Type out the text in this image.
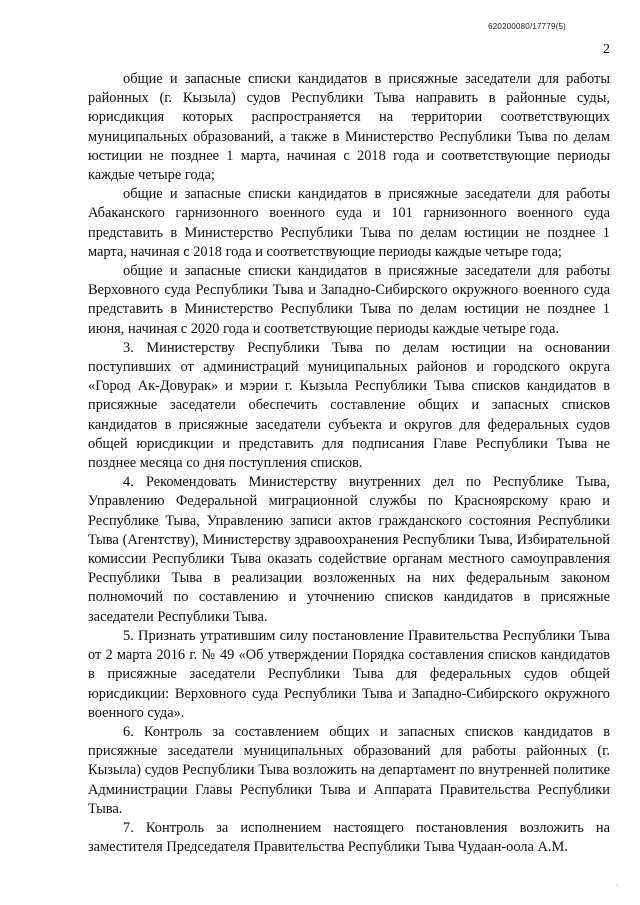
620200080/17779(5)
2

общие и запасные списки кандидатов в присяжные заседатели для работы районных (г. Кызыла) судов Республики Тыва направить в районные суды, юрисдикция которых распространяется на территории соответствующих муниципальных образований, а также в Министерство Республики Тыва по делам юстиции не позднее 1 марта, начиная с 2018 года и соответствующие периоды каждые четыре года;

общие и запасные списки кандидатов в присяжные заседатели для работы Абаканского гарнизонного военного суда и 101 гарнизонного военного суда представить в Министерство Республики Тыва по делам юстиции не позднее 1 марта, начиная с 2018 года и соответствующие периоды каждые четыре года;

общие и запасные списки кандидатов в присяжные заседатели для работы Верховного суда Республики Тыва и Западно-Сибирского окружного военного суда представить в Министерство Республики Тыва по делам юстиции не позднее 1 июня, начиная с 2020 года и соответствующие периоды каждые четыре года.

3. Министерству Республики Тыва по делам юстиции на основании поступивших от администраций муниципальных районов и городского округа «Город Ак-Довурак» и мэрии г. Кызыла Республики Тыва списков кандидатов в присяжные заседатели обеспечить составление общих и запасных списков кандидатов в присяжные заседатели субъекта и округов для федеральных судов общей юрисдикции и представить для подписания Главе Республики Тыва не позднее месяца со дня поступления списков.

4. Рекомендовать Министерству внутренних дел по Республике Тыва, Управлению Федеральной миграционной службы по Красноярскому краю и Республике Тыва, Управлению записи актов гражданского состояния Республики Тыва (Агентству), Министерству здравоохранения Республики Тыва, Избирательной комиссии Республики Тыва оказать содействие органам местного самоуправления Республики Тыва в реализации возложенных на них федеральным законом полномочий по составлению и уточнению списков кандидатов в присяжные заседатели Республики Тыва.

5. Признать утратившим силу постановление Правительства Республики Тыва от 2 марта 2016 г. № 49 «Об утверждении Порядка составления списков кандидатов в присяжные заседатели Республики Тыва для федеральных судов общей юрисдикции: Верховного суда Республики Тыва и Западно-Сибирского окружного военного суда».

6. Контроль за составлением общих и запасных списков кандидатов в присяжные заседатели муниципальных образований для работы районных (г. Кызыла) судов Республики Тыва возложить на департамент по внутренней политике Администрации Главы Республики Тыва и Аппарата Правительства Республики Тыва.

7. Контроль за исполнением настоящего постановления возложить на заместителя Председателя Правительства Республики Тыва Чудаан-оола А.М.

'
